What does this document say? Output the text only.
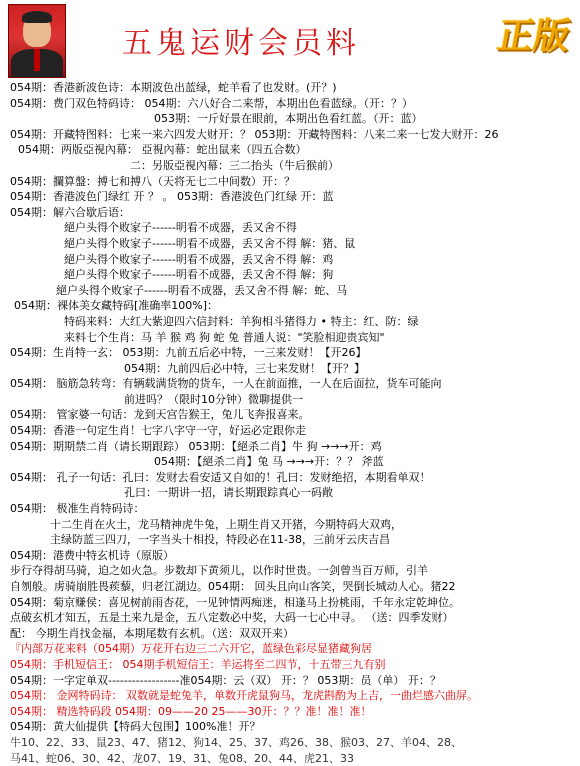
五鬼运财会员料	正版
054期：香港新波色诗：本期波色出蓝绿，蛇羊看了也发财。(开？)
054期：费门双色特码诗： 054期：六八好合二来帮，本期出色看蓝绿。（开：？）
053期：一斤好景在眼前，本期出色看红蓝。（开：蓝）
054期：开藏特图料：七来一来六四发大财开：？ 053期：开藏特图料：八来二来一七发大财开：26
054期：两版亞視內幕： 亞視內幕：蛇出鼠来（四五合数）
二：另版亞視內幕：三二抬头（牛后猴前）
054期：攔算盤：搏七和搏八（天将无七二中间数）开：？
054期：香港波色门绿红 开 ？ 。 053期：香港波色门红绿 开：蓝
054期：解六合歇后语：
絕户头得个败家子------明看不成器，丢又舍不得
絕户头得个败家子------明看不成器，丢又舍不得 解：猪、鼠
絕户头得个败家子------明看不成器，丢又舍不得 解：鸡
絕户头得个败家子------明看不成器，丢又舍不得 解：狗
絕户头得个败家子------明看不成器，丢又舍不得 解：蛇、马
054期：裸体美女藏特码[准确率100%]：
特码来料：大红大紫迎四六信封料：羊狗相斗猪得力 • 特主：红、防：绿
来料七个生肖：马 羊 猴 鸡 狗 蛇 兔 普通人说："笑脸相迎贵宾知"
054期：生肖特一玄： 053期：九前五后必中特，一三来发财！【开26】
054期：九前四后必中特，三七来发财！【开？】
054期： 脑筋急转弯：有辆载满货物的货车，一人在前面推，一人在后面拉，货车可能向
前进吗？（限时10分钟）微聊提供一
054期： 管家婆一句话：龙到天宫告猴王，兔儿飞奔报喜来。
054期：香港一句定生肖！七字八字守一守，好运必定跟你走
054期：期期禁二肖（请长期跟踪） 053期：【絕杀二肖】牛 狗 →→→开：鸡
054期：【絕杀二肖】兔 马 →→→开：？？ 斧蓝
054期： 孔子一句话：孔曰：发财去看安适又自如的！孔曰：发财绝招，本期看单双！
孔曰：一期讲一招，请长期跟踪真心一码敞
054期： 极准生肖特码诗：
十二生肖在火土，龙马精神虎牛兔，上期生肖又开猪，今期特码大双鸡，
主绿防蓝三四刀，一字当头十相投，特段必在11-38，三前牙云庆吉昌
054期：港费中特玄机诗（原版）
步行夺得胡马骑，迫之如火急。步数却下黄须儿，以作时世贵。一剑曾当百万师，引羊
自刎般。虏骑崩胜畏蒺藜，归老江湖边。054期： 回头且向山客笑，哭倒长城动人心。猪22
054期：菊京赚侯：喜见树前雨杏花，一见钟情两痴迷，相逢马上扮桃雨，千年永定乾坤位。
点破玄机才知五，五是土来九是金，五八定数必中奖，大码一七心中寻。 （送：四季发财）
配： 今期生肖找金福，本期尾数有玄机。（送：双双开来）
『内部万花来料（054期）万花开右边三二六开它，蓝绿色彩尽显猪藏狗居
054期：手机短信王： 054期手机短信王：羊运将至二四节，十五带三九有别
054期：一字定单双------------------准054期：云（双） 开：？ 053期：员（单） 开：？
054期： 金网特码诗： 双数就是蛇兔羊，单数开虎鼠狗马，龙虎斟酌为上吉，一曲烂感六曲屏。
054期： 精选特码段 054期：09——20 25——30开：？？准！准！准！
054期：黄大仙提供【特码大包围】100%准！开？
牛10、22、33、鼠23、47、猪12、狗14、25、37、鸡26、38、猴03、27、羊04、28、
马41、蛇06、30、42、龙07、19、31、兔08、20、44、虎21、33
